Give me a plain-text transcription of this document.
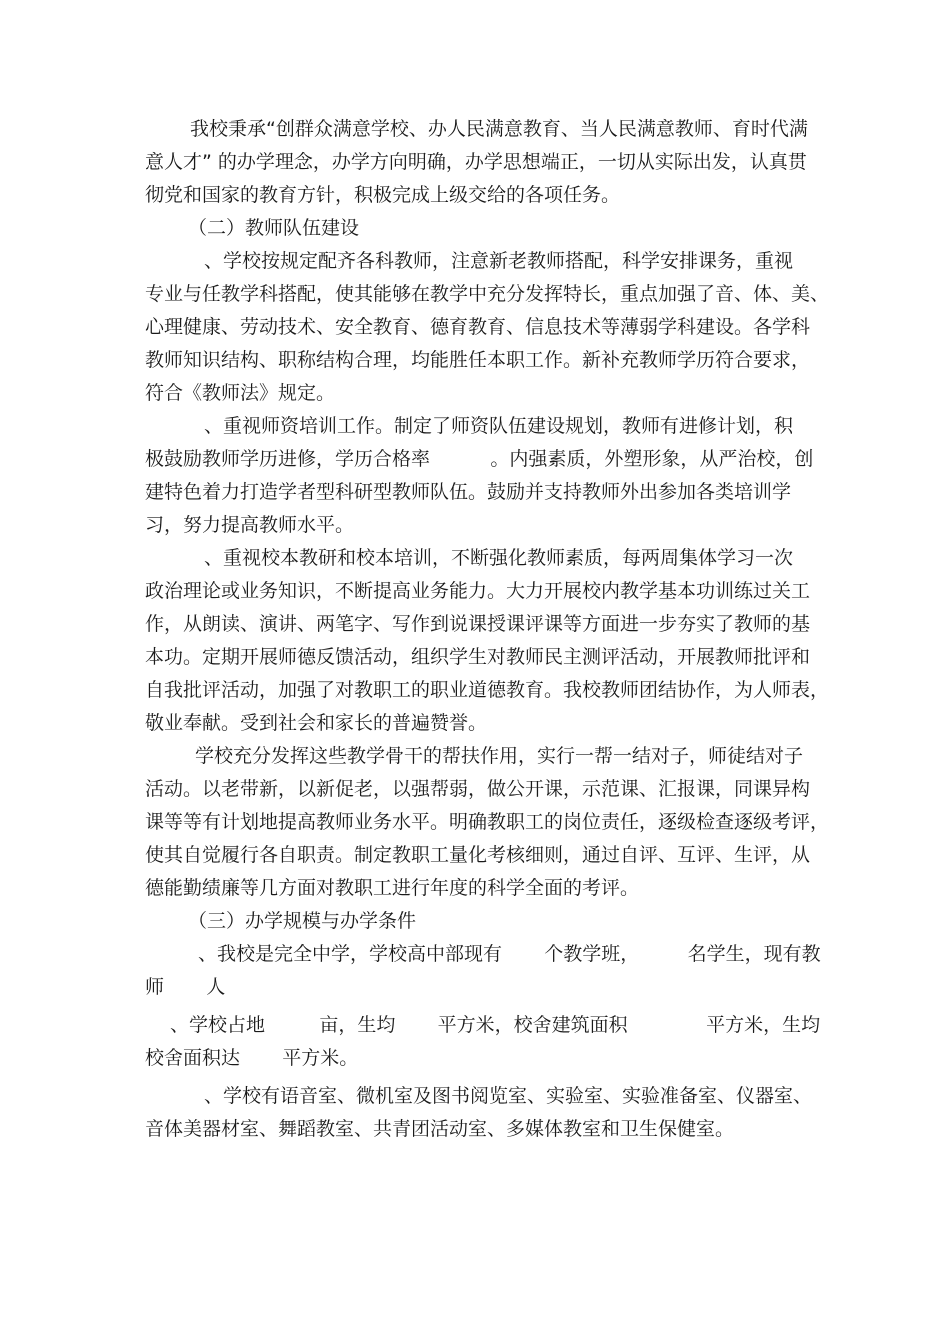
我校秉承“创群众满意学校、办人民满意教育、当人民满意教师、育时代满
意人才” 的办学理念，办学方向明确，办学思想端正，一切从实际出发，认真贯
彻党和国家的教育方针，积极完成上级交给的各项任务。
（二）教师队伍建设
、学校按规定配齐各科教师，注意新老教师搭配，科学安排课务，重视
专业与任教学科搭配，使其能够在教学中充分发挥特长，重点加强了音、体、美、
心理健康、劳动技术、安全教育、德育教育、信息技术等薄弱学科建设。各学科
教师知识结构、职称结构合理，均能胜任本职工作。新补充教师学历符合要求，
符合《教师法》规定。
、重视师资培训工作。制定了师资队伍建设规划，教师有进修计划，积
极鼓励教师学历进修，学历合格率          。内强素质，外塑形象，从严治校，创
建特色着力打造学者型科研型教师队伍。鼓励并支持教师外出参加各类培训学
习，努力提高教师水平。
、重视校本教研和校本培训，不断强化教师素质，每两周集体学习一次
政治理论或业务知识，不断提高业务能力。大力开展校内教学基本功训练过关工
作，从朗读、演讲、两笔字、写作到说课授课评课等方面进一步夯实了教师的基
本功。定期开展师德反馈活动，组织学生对教师民主测评活动，开展教师批评和
自我批评活动，加强了对教职工的职业道德教育。我校教师团结协作，为人师表，
敬业奉献。受到社会和家长的普遍赞誉。
学校充分发挥这些教学骨干的帮扶作用，实行一帮一结对子，师徒结对子
活动。以老带新，以新促老，以强帮弱，做公开课，示范课、汇报课，同课异构
课等等有计划地提高教师业务水平。明确教职工的岗位责任，逐级检查逐级考评，
使其自觉履行各自职责。制定教职工量化考核细则，通过自评、互评、生评，从
德能勤绩廉等几方面对教职工进行年度的科学全面的考评。
（三）办学规模与办学条件
、我校是完全中学，学校高中部现有       个教学班，        名学生，现有教
师       人
、学校占地         亩，生均       平方米，校舍建筑面积             平方米，生均
校舍面积达       平方米。
、学校有语音室、微机室及图书阅览室、实验室、实验准备室、仪器室、
音体美器材室、舞蹈教室、共青团活动室、多媒体教室和卫生保健室。
